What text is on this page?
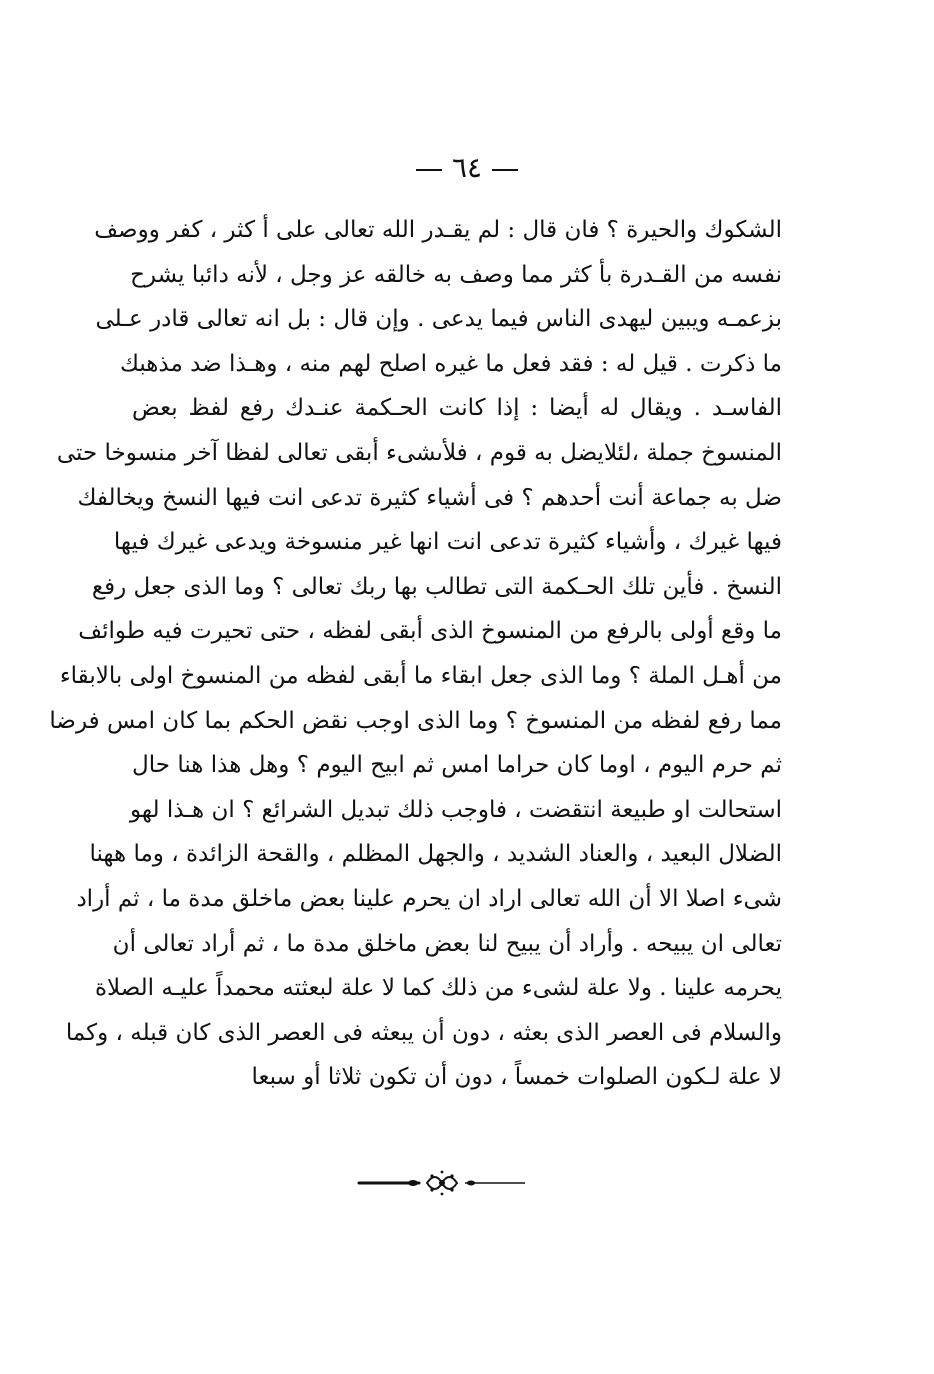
٦٤
الشكوك والحيرة ؟ فان قال : لم يقـدر الله تعالى على أ كثر ، كفر ووصف
نفسه من القـدرة بأ كثر مما وصف به خالقه عز وجل ، لأنه دائبا يشرح
بزعمـه ويبين ليهدى الناس فيما يدعى . وإن قال : بل انه تعالى قادر عـلى
ما ذكرت . قيل له : فقد فعل ما غيره اصلح لهم منه ، وهـذا ضد مذهبك
الفاسـد . ويقال له أيضا : إذا كانت الحـكمة عنـدك رفع لفظ بعض
المنسوخ جملة ،لئلايضل به قوم ، فلأىشىء أبقى تعالى لفظا آخر منسوخا حتى
ضل به جماعة أنت أحدهم ؟ فى أشياء كثيرة تدعى انت فيها النسخ ويخالفك
فيها غيرك ، وأشياء كثيرة تدعى انت انها غير منسوخة ويدعى غيرك فيها
النسخ . فأين تلك الحـكمة التى تطالب بها ربك تعالى ؟ وما الذى جعل رفع
ما وقع أولى بالرفع من المنسوخ الذى أبقى لفظه ، حتى تحيرت فيه طوائف
من أهـل الملة ؟ وما الذى جعل ابقاء ما أبقى لفظه من المنسوخ اولى بالابقاء
مما رفع لفظه من المنسوخ ؟ وما الذى اوجب نقض الحكم بما كان امس فرضا
ثم حرم اليوم ، اوما كان حراما امس ثم ابيح اليوم ؟ وهل هذا هنا حال
استحالت او طبيعة انتقضت ، فاوجب ذلك تبديل الشرائع ؟ ان هـذا لهو
الضلال البعيد ، والعناد الشديد ، والجهل المظلم ، والقحة الزائدة ، وما ههنا
شىء اصلا الا أن الله تعالى اراد ان يحرم علينا بعض ماخلق مدة ما ، ثم أراد
تعالى ان يبيحه . وأراد أن يبيح لنا بعض ماخلق مدة ما ، ثم أراد تعالى أن
يحرمه علينا . ولا علة لشىء من ذلك كما لا علة لبعثته محمداً عليـه الصلاة
والسلام فى العصر الذى بعثه ، دون أن يبعثه فى العصر الذى كان قبله ، وكما
لا علة لـكون الصلوات خمساً ، دون أن تكون ثلاثا أو سبعا
